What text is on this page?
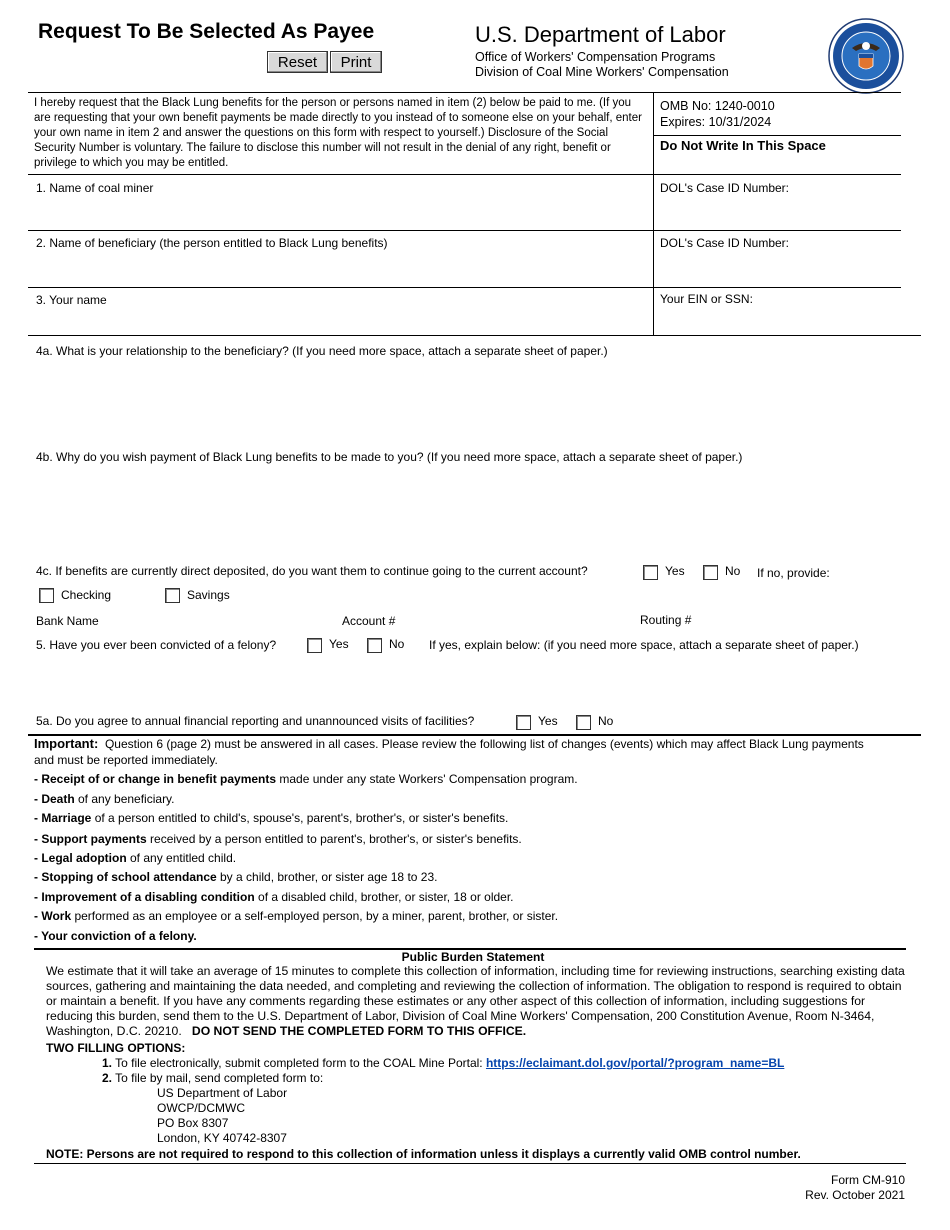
Request To Be Selected As Payee
Reset	Print
U.S. Department of Labor
Office of Workers' Compensation Programs
Division of Coal Mine Workers' Compensation
I hereby request that the Black Lung benefits for the person or persons named in item (2) below be paid to me. (If you are requesting that your own benefit payments be made directly to you instead of to someone else on your behalf, enter your own name in item 2 and answer the questions on this form with respect to yourself.) Disclosure of the Social Security Number is voluntary. The failure to disclose this number will not result in the denial of any right, benefit or privilege to which you may be entitled.
OMB No: 1240-0010
Expires: 10/31/2024
Do Not Write In This Space
1. Name of coal miner	DOL's Case ID Number:
2. Name of beneficiary (the person entitled to Black Lung benefits)	DOL's Case ID Number:
3. Your name	Your EIN or SSN:
4a. What is your relationship to the beneficiary? (If you need more space, attach a separate sheet of paper.)
4b. Why do you wish payment of Black Lung benefits to be made to you? (If you need more space, attach a separate sheet of paper.)
4c. If benefits are currently direct deposited, do you want them to continue going to the current account?	Yes	No If no, provide:
Checking	Savings
Bank Name	Account #	Routing #
5. Have you ever been convicted of a felony?	Yes	No If yes, explain below: (if you need more space, attach a separate sheet of paper.)
5a. Do you agree to annual financial reporting and unannounced visits of facilities?	Yes	No
Important: Question 6 (page 2) must be answered in all cases. Please review the following list of changes (events) which may affect Black Lung payments and must be reported immediately.
- Receipt of or change in benefit payments made under any state Workers' Compensation program.
- Death of any beneficiary.
- Marriage of a person entitled to child's, spouse's, parent's, brother's, or sister's benefits.
- Support payments received by a person entitled to parent's, brother's, or sister's benefits.
- Legal adoption of any entitled child.
- Stopping of school attendance by a child, brother, or sister age 18 to 23.
- Improvement of a disabling condition of a disabled child, brother, or sister, 18 or older.
- Work performed as an employee or a self-employed person, by a miner, parent, brother, or sister.
- Your conviction of a felony.
Public Burden Statement
We estimate that it will take an average of 15 minutes to complete this collection of information, including time for reviewing instructions, searching existing data sources, gathering and maintaining the data needed, and completing and reviewing the collection of information. The obligation to respond is required to obtain or maintain a benefit. If you have any comments regarding these estimates or any other aspect of this collection of information, including suggestions for reducing this burden, send them to the U.S. Department of Labor, Division of Coal Mine Workers' Compensation, 200 Constitution Avenue, Room N-3464, Washington, D.C. 20210. DO NOT SEND THE COMPLETED FORM TO THIS OFFICE.
TWO FILLING OPTIONS:
1. To file electronically, submit completed form to the COAL Mine Portal: https://eclaimant.dol.gov/portal/?program_name=BL
2. To file by mail, send completed form to:
US Department of Labor
OWCP/DCMWC
PO Box 8307
London, KY 40742-8307
NOTE: Persons are not required to respond to this collection of information unless it displays a currently valid OMB control number.
Form CM-910
Rev. October 2021
